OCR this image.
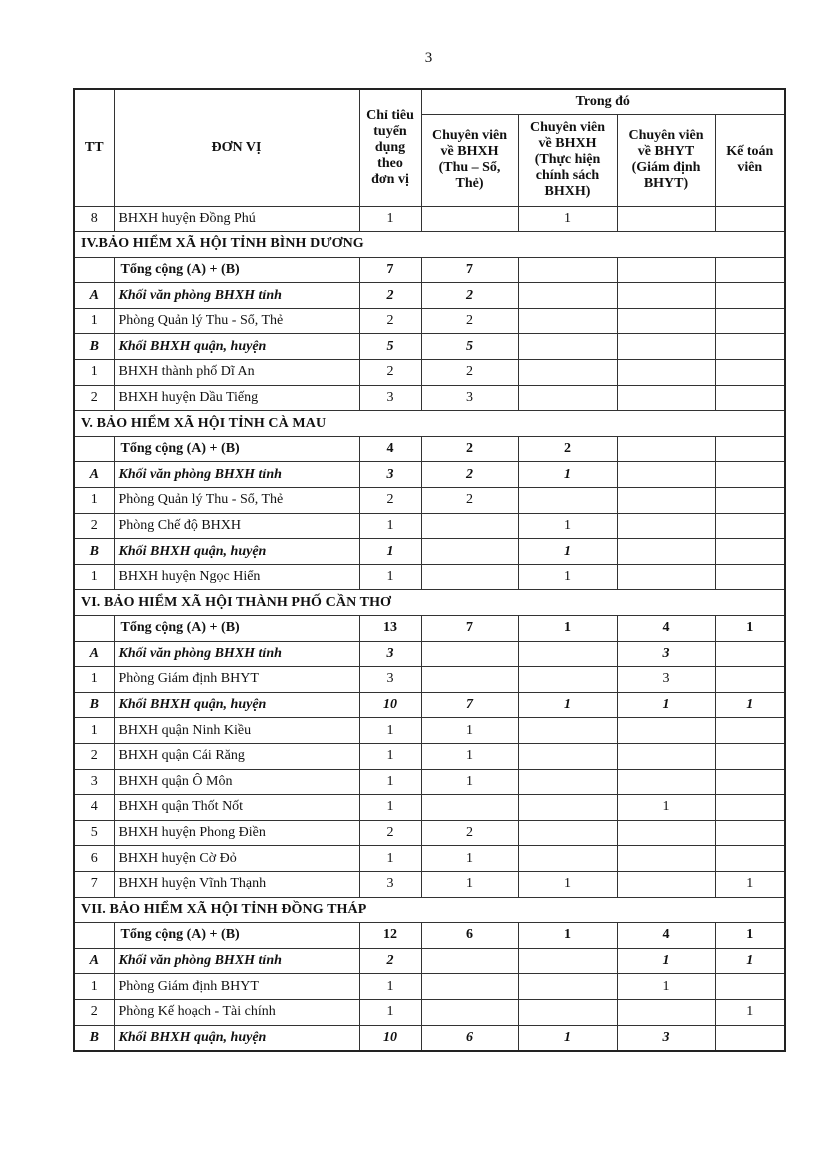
3
TT	ĐƠN VỊ	Chỉ tiêu tuyển dụng theo đơn vị	Trong đó			
			Chuyên viên về BHXH (Thu – Sổ, Thẻ)	Chuyên viên về BHXH (Thực hiện chính sách BHXH)	Chuyên viên về BHYT (Giám định BHYT)	Kế toán viên
8	BHXH huyện Đồng Phú	1		1		
IV.BẢO HIỂM XÃ HỘI TỈNH BÌNH DƯƠNG						
	Tổng cộng (A) + (B)	7	7			
A	Khối văn phòng BHXH tỉnh	2	2			
1	Phòng Quản lý Thu - Sổ, Thẻ	2	2			
B	Khối BHXH quận, huyện	5	5			
1	BHXH thành phố Dĩ An	2	2			
2	BHXH huyện Dầu Tiếng	3	3			
V. BẢO HIỂM XÃ HỘI TỈNH CÀ MAU						
	Tổng cộng (A) + (B)	4	2	2		
A	Khối văn phòng BHXH tỉnh	3	2	1		
1	Phòng Quản lý Thu - Sổ, Thẻ	2	2			
2	Phòng Chế độ BHXH	1		1		
B	Khối BHXH quận, huyện	1		1		
1	BHXH huyện Ngọc Hiển	1		1		
VI. BẢO HIỂM XÃ HỘI THÀNH PHỐ CẦN THƠ						
	Tổng cộng (A) + (B)	13	7	1	4	1
A	Khối văn phòng BHXH tỉnh	3			3	
1	Phòng Giám định BHYT	3			3	
B	Khối BHXH quận, huyện	10	7	1	1	1
1	BHXH quận Ninh Kiều	1	1			
2	BHXH quận Cái Răng	1	1			
3	BHXH quận Ô Môn	1	1			
4	BHXH quận Thốt Nốt	1			1	
5	BHXH huyện Phong Điền	2	2			
6	BHXH huyện Cờ Đỏ	1	1			
7	BHXH huyện Vĩnh Thạnh	3	1	1		1
VII. BẢO HIỂM XÃ HỘI TỈNH ĐỒNG THÁP						
	Tổng cộng (A) + (B)	12	6	1	4	1
A	Khối văn phòng BHXH tỉnh	2			1	1
1	Phòng Giám định BHYT	1			1	
2	Phòng Kế hoạch - Tài chính	1				1
B	Khối BHXH quận, huyện	10	6	1	3	
